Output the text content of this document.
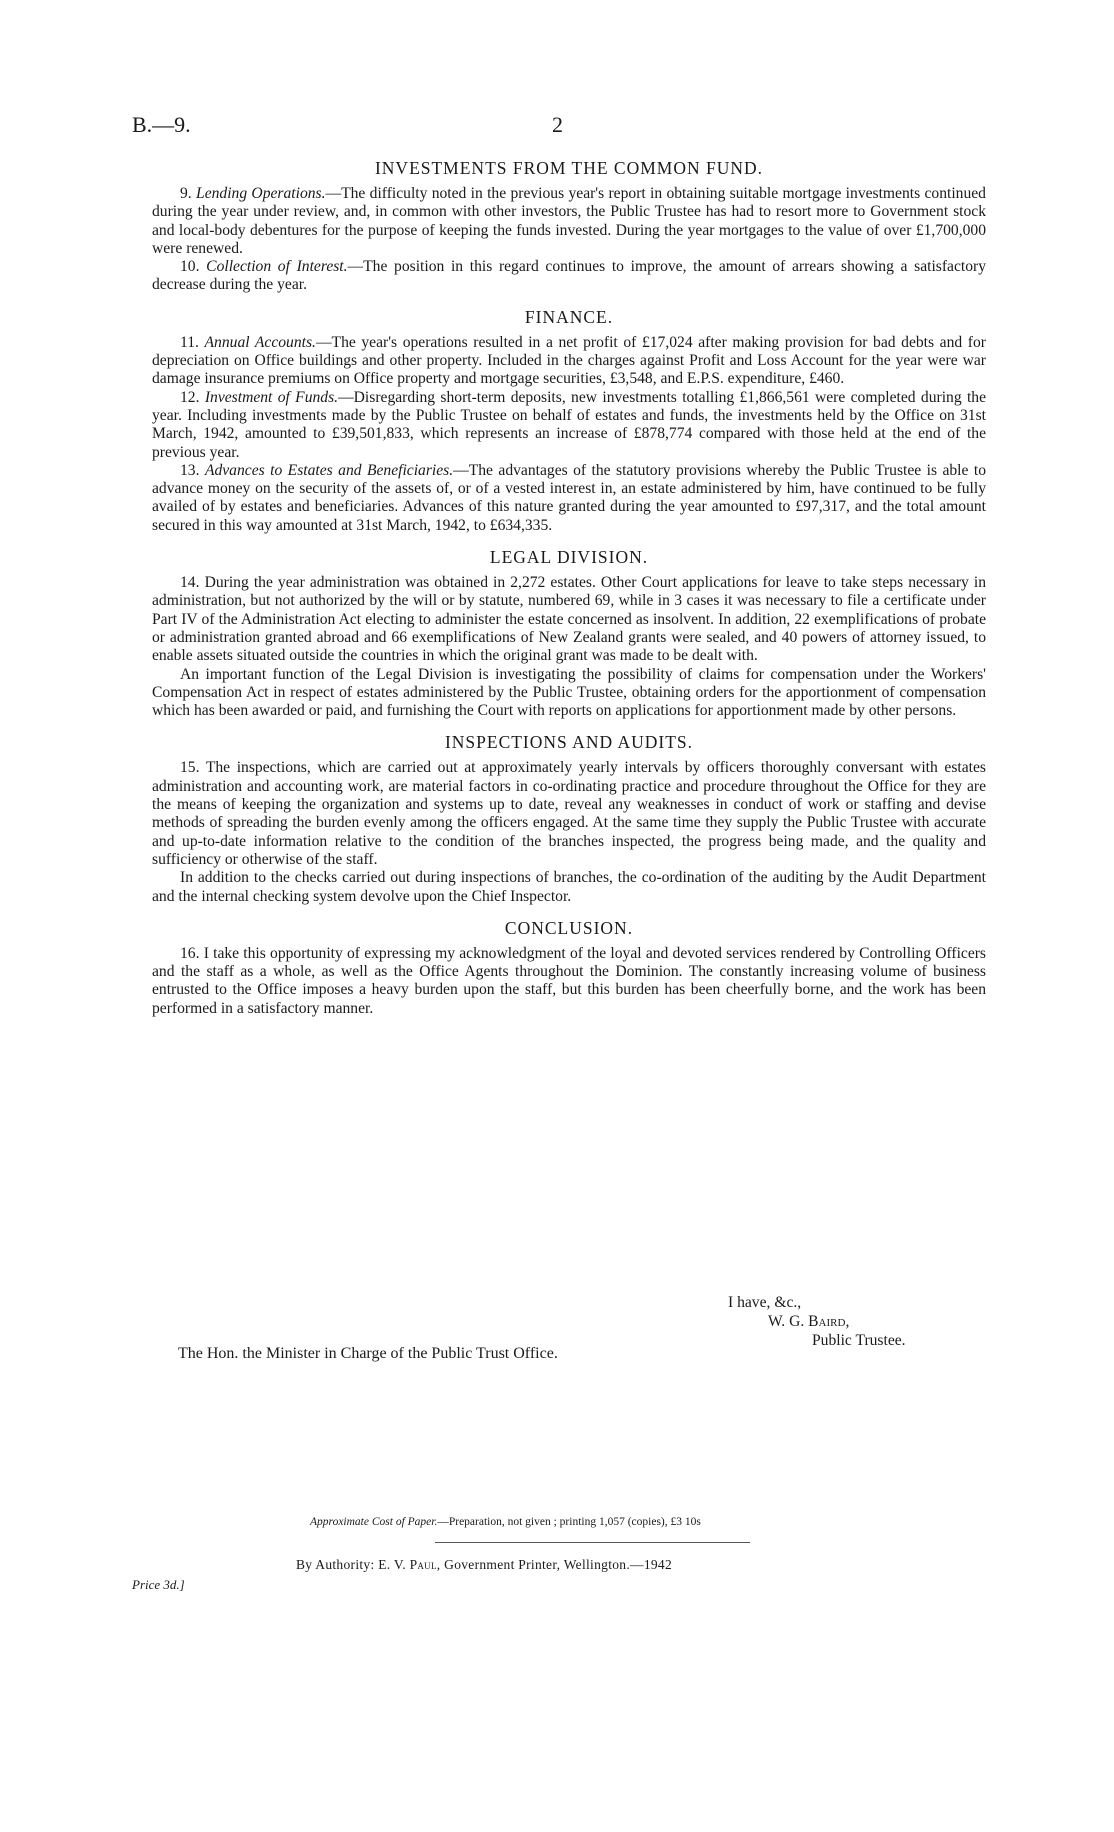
B.—9.	2
INVESTMENTS FROM THE COMMON FUND.

9. Lending Operations.—The difficulty noted in the previous year's report in obtaining suitable mortgage investments continued during the year under review, and, in common with other investors, the Public Trustee has had to resort more to Government stock and local-body debentures for the purpose of keeping the funds invested. During the year mortgages to the value of over £1,700,000 were renewed.

10. Collection of Interest.—The position in this regard continues to improve, the amount of arrears showing a satisfactory decrease during the year.

FINANCE.

11. Annual Accounts.—The year's operations resulted in a net profit of £17,024 after making provision for bad debts and for depreciation on Office buildings and other property. Included in the charges against Profit and Loss Account for the year were war damage insurance premiums on Office property and mortgage securities, £3,548, and E.P.S. expenditure, £460.

12. Investment of Funds.—Disregarding short-term deposits, new investments totalling £1,866,561 were completed during the year. Including investments made by the Public Trustee on behalf of estates and funds, the investments held by the Office on 31st March, 1942, amounted to £39,501,833, which represents an increase of £878,774 compared with those held at the end of the previous year.

13. Advances to Estates and Beneficiaries.—The advantages of the statutory provisions whereby the Public Trustee is able to advance money on the security of the assets of, or of a vested interest in, an estate administered by him, have continued to be fully availed of by estates and beneficiaries. Advances of this nature granted during the year amounted to £97,317, and the total amount secured in this way amounted at 31st March, 1942, to £634,335.

LEGAL DIVISION.

14. During the year administration was obtained in 2,272 estates. Other Court applications for leave to take steps necessary in administration, but not authorized by the will or by statute, numbered 69, while in 3 cases it was necessary to file a certificate under Part IV of the Administration Act electing to administer the estate concerned as insolvent. In addition, 22 exemplifications of probate or administration granted abroad and 66 exemplifications of New Zealand grants were sealed, and 40 powers of attorney issued, to enable assets situated outside the countries in which the original grant was made to be dealt with.

An important function of the Legal Division is investigating the possibility of claims for compensation under the Workers' Compensation Act in respect of estates administered by the Public Trustee, obtaining orders for the apportionment of compensation which has been awarded or paid, and furnishing the Court with reports on applications for apportionment made by other persons.

INSPECTIONS AND AUDITS.

15. The inspections, which are carried out at approximately yearly intervals by officers thoroughly conversant with estates administration and accounting work, are material factors in co-ordinating practice and procedure throughout the Office for they are the means of keeping the organization and systems up to date, reveal any weaknesses in conduct of work or staffing and devise methods of spreading the burden evenly among the officers engaged. At the same time they supply the Public Trustee with accurate and up-to-date information relative to the condition of the branches inspected, the progress being made, and the quality and sufficiency or otherwise of the staff.

In addition to the checks carried out during inspections of branches, the co-ordination of the auditing by the Audit Department and the internal checking system devolve upon the Chief Inspector.

CONCLUSION.

16. I take this opportunity of expressing my acknowledgment of the loyal and devoted services rendered by Controlling Officers and the staff as a whole, as well as the Office Agents throughout the Dominion. The constantly increasing volume of business entrusted to the Office imposes a heavy burden upon the staff, but this burden has been cheerfully borne, and the work has been performed in a satisfactory manner.

I have, &c.,
W. G. Baird,
Public Trustee.
The Hon. the Minister in Charge of the Public Trust Office.
Approximate Cost of Paper.—Preparation, not given ; printing 1,057 (copies), £3 10s
By Authority: E. V. Paul, Government Printer, Wellington.—1942
Price 3d.]
